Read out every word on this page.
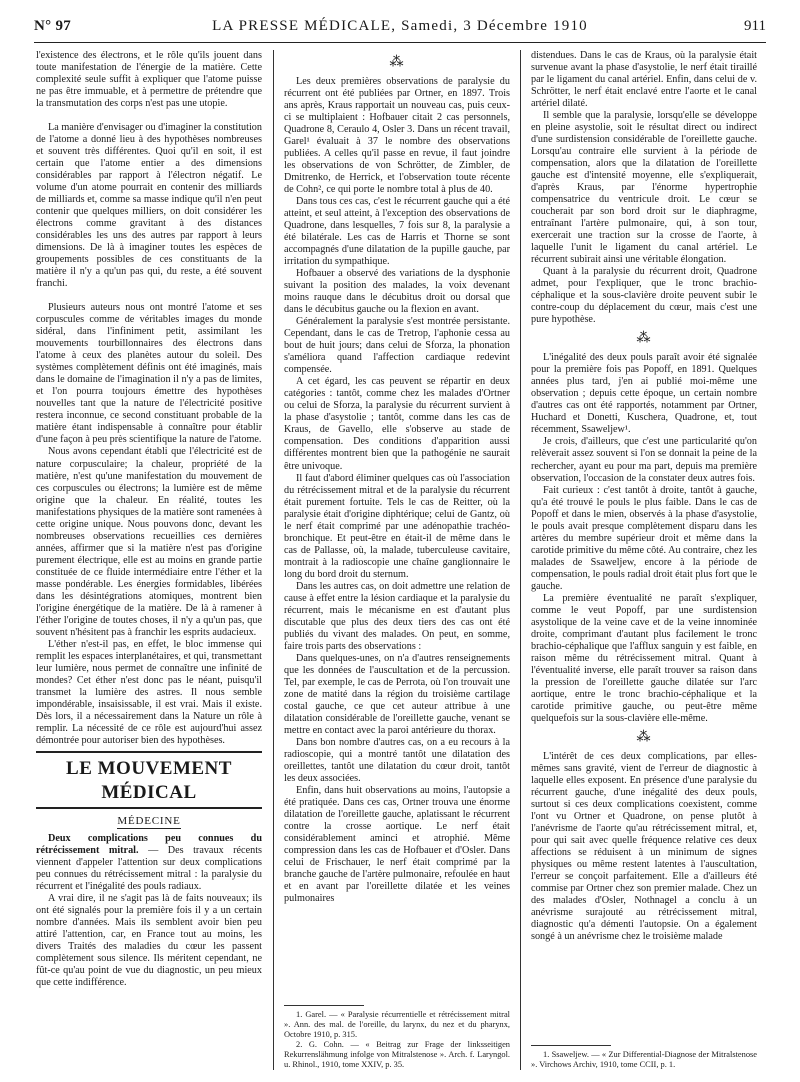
N° 97	LA PRESSE MÉDICALE, Samedi, 3 Décembre 1910	911

l'existence des électrons, et le rôle qu'ils jouent dans toute manifestation de l'énergie de la matière. Cette complexité seule suffit à expliquer que l'atome puisse ne pas être immuable, et à permettre de prétendre que la transmutation des corps n'est pas une utopie.

La manière d'envisager ou d'imaginer la constitution de l'atome a donné lieu à des hypothèses nombreuses et souvent très différentes. Quoi qu'il en soit, il est certain que l'atome entier a des dimensions considérables par rapport à l'électron négatif. Le volume d'un atome pourrait en contenir des milliards de milliards et, comme sa masse indique qu'il n'en peut contenir que quelques milliers, on doit considérer les électrons comme gravitant à des distances considérables les uns des autres par rapport à leurs dimensions. De là à imaginer toutes les espèces de groupements possibles de ces constituants de la matière il n'y a qu'un pas qui, du reste, a été souvent franchi.

Plusieurs auteurs nous ont montré l'atome et ses corpuscules comme de véritables images du monde sidéral, dans l'infiniment petit, assimilant les mouvements tourbillonnaires des électrons dans l'atome à ceux des planètes autour du soleil. Des systèmes complètement définis ont été imaginés, mais dans le domaine de l'imagination il n'y a pas de limites, et l'on pourra toujours émettre des hypothèses nouvelles tant que la nature de l'électricité positive restera inconnue, ce second constituant probable de la matière étant indispensable à connaître pour établir d'une façon à peu près scientifique la nature de l'atome.

Nous avons cependant établi que l'électricité est de nature corpusculaire; la chaleur, propriété de la matière, n'est qu'une manifestation du mouvement de ces corpuscules ou électrons; la lumière est de même origine que la chaleur. En réalité, toutes les manifestations physiques de la matière sont ramenées à cette origine unique. Nous pouvons donc, devant les nombreuses observations recueillies ces dernières années, affirmer que si la matière n'est pas d'origine purement électrique, elle est au moins en grande partie constituée de ce fluide intermédiaire entre l'éther et la masse pondérable. Les énergies formidables, libérées dans les désintégrations atomiques, montrent bien l'origine énergétique de la matière. De là à ramener à l'éther l'origine de toutes choses, il n'y a qu'un pas, que souvent n'hésitent pas à franchir les esprits audacieux.

L'éther n'est-il pas, en effet, le bloc immense qui remplit les espaces interplanétaires, et qui, transmettant leur lumière, nous permet de connaître une infinité de mondes? Cet éther n'est donc pas le néant, puisqu'il transmet la lumière des astres. Il nous semble impondérable, insaisissable, il est vrai. Mais il existe. Dès lors, il a nécessairement dans la Nature un rôle à remplir. La nécessité de ce rôle est aujourd'hui assez démontrée pour autoriser bien des hypothèses.

LE MOUVEMENT MÉDICAL
MÉDECINE

Deux complications peu connues du rétrécissement mitral. — Des travaux récents viennent d'appeler l'attention sur deux complications peu connues du rétrécissement mitral : la paralysie du récurrent et l'inégalité des pouls radiaux.

A vrai dire, il ne s'agit pas là de faits nouveaux; ils ont été signalés pour la première fois il y a un certain nombre d'années. Mais ils semblent avoir bien peu attiré l'attention, car, en France tout au moins, les divers Traités des maladies du cœur les passent complètement sous silence. Ils méritent cependant, ne fût-ce qu'au point de vue du diagnostic, un peu mieux que cette indifférence.

⁂

Les deux premières observations de paralysie du récurrent ont été publiées par Ortner, en 1897. Trois ans après, Kraus rapportait un nouveau cas, puis ceux-ci se multiplaient : Hofbauer citait 2 cas personnels, Quadrone 8, Ceraulo 4, Osler 3. Dans un récent travail, Garel¹ évaluait à 37 le nombre des observations publiées. A celles qu'il passe en revue, il faut joindre les observations de von Schrötter, de Zimbler, de Dmitrenko, de Herrick, et l'observation toute récente de Cohn², ce qui porte le nombre total à plus de 40.

Dans tous ces cas, c'est le récurrent gauche qui a été atteint, et seul atteint, à l'exception des observations de Quadrone, dans lesquelles, 7 fois sur 8, la paralysie a été bilatérale. Les cas de Harris et Thorne se sont accompagnés d'une dilatation de la pupille gauche, par irritation du sympathique.

Hofbauer a observé des variations de la dysphonie suivant la position des malades, la voix devenant moins rauque dans le décubitus droit ou dorsal que dans le décubitus gauche ou la flexion en avant.

Généralement la paralysie s'est montrée persistante. Cependant, dans le cas de Tretrop, l'aphonie cessa au bout de huit jours; dans celui de Sforza, la phonation s'améliora quand l'affection cardiaque redevint compensée.

A cet égard, les cas peuvent se répartir en deux catégories : tantôt, comme chez les malades d'Ortner ou celui de Sforza, la paralysie du récurrent survient à la phase d'asystolie ; tantôt, comme dans les cas de Kraus, de Gavello, elle s'observe au stade de compensation. Des conditions d'apparition aussi différentes montrent bien que la pathogénie ne saurait être univoque.

Il faut d'abord éliminer quelques cas où l'association du rétrécissement mitral et de la paralysie du récurrent était purement fortuite. Tels le cas de Reitter, où la paralysie était d'origine diphtérique; celui de Gantz, où le nerf était comprimé par une adénopathie trachéo-bronchique. Et peut-être en était-il de même dans le cas de Pallasse, où, la malade, tuberculeuse cavitaire, montrait à la radioscopie une chaîne ganglionnaire le long du bord droit du sternum.

Dans les autres cas, on doit admettre une relation de cause à effet entre la lésion cardiaque et la paralysie du récurrent, mais le mécanisme en est d'autant plus discutable que plus des deux tiers des cas ont été publiés du vivant des malades. On peut, en somme, faire trois parts des observations :

Dans quelques-unes, on n'a d'autres renseignements que les données de l'auscultation et de la percussion. Tel, par exemple, le cas de Perrota, où l'on trouvait une zone de matité dans la région du troisième cartilage costal gauche, ce que cet auteur attribue à une dilatation considérable de l'oreillette gauche, venant se mettre en contact avec la paroi antérieure du thorax.

Dans bon nombre d'autres cas, on a eu recours à la radioscopie, qui a montré tantôt une dilatation des oreillettes, tantôt une dilatation du cœur droit, tantôt les deux associées.

Enfin, dans huit observations au moins, l'autopsie a été pratiquée. Dans ces cas, Ortner trouva une énorme dilatation de l'oreillette gauche, aplatissant le récurrent contre la crosse aortique. Le nerf était considérablement aminci et atrophié. Même compression dans les cas de Hofbauer et d'Osler. Dans celui de Frischauer, le nerf était comprimé par la branche gauche de l'artère pulmonaire, refoulée en haut et en avant par l'oreillette dilatée et les veines pulmonaires

1. Garel. — « Paralysie récurrentielle et rétrécissement mitral ». Ann. des mal. de l'oreille, du larynx, du nez et du pharynx, Octobre 1910, p. 315.

2. G. Cohn. — « Beitrag zur Frage der linksseitigen Rekurrenslähmung infolge von Mitralstenose ». Arch. f. Laryngol. u. Rhinol., 1910, tome XXIV, p. 35.

distendues. Dans le cas de Kraus, où la paralysie était survenue avant la phase d'asystolie, le nerf était tiraillé par le ligament du canal artériel. Enfin, dans celui de v. Schrötter, le nerf était enclavé entre l'aorte et le canal artériel dilaté.

Il semble que la paralysie, lorsqu'elle se développe en pleine asystolie, soit le résultat direct ou indirect d'une surdistension considérable de l'oreillette gauche. Lorsqu'au contraire elle survient à la période de compensation, alors que la dilatation de l'oreillette gauche est d'intensité moyenne, elle s'expliquerait, d'après Kraus, par l'énorme hypertrophie compensatrice du ventricule droit. Le cœur se coucherait par son bord droit sur le diaphragme, entraînant l'artère pulmonaire, qui, à son tour, exercerait une traction sur la crosse de l'aorte, à laquelle l'unit le ligament du canal artériel. Le récurrent subirait ainsi une véritable élongation.

Quant à la paralysie du récurrent droit, Quadrone admet, pour l'expliquer, que le tronc brachio-céphalique et la sous-clavière droite peuvent subir le contre-coup du déplacement du cœur, mais c'est une pure hypothèse.

⁂

L'inégalité des deux pouls paraît avoir été signalée pour la première fois pas Popoff, en 1891. Quelques années plus tard, j'en ai publié moi-même une observation ; depuis cette époque, un certain nombre d'autres cas ont été rapportés, notamment par Ortner, Huchard et Donetti, Kuschera, Quadrone, et, tout récemment, Ssaweljew¹.

Je crois, d'ailleurs, que c'est une particularité qu'on relèverait assez souvent si l'on se donnait la peine de la rechercher, ayant eu pour ma part, depuis ma première observation, l'occasion de la constater deux autres fois.

Fait curieux : c'est tantôt à droite, tantôt à gauche, qu'a été trouvé le pouls le plus faible. Dans le cas de Popoff et dans le mien, observés à la phase d'asystolie, le pouls avait presque complètement disparu dans les artères du membre supérieur droit et même dans la carotide primitive du même côté. Au contraire, chez les malades de Ssaweljew, encore à la période de compensation, le pouls radial droit était plus fort que le gauche.

La première éventualité ne paraît s'expliquer, comme le veut Popoff, par une surdistension asystolique de la veine cave et de la veine innominée droite, comprimant d'autant plus facilement le tronc brachio-céphalique que l'afflux sanguin y est faible, en raison même du rétrécissement mitral. Quant à l'éventualité inverse, elle paraît trouver sa raison dans la pression de l'oreillette gauche dilatée sur l'arc aortique, entre le tronc brachio-céphalique et la carotide primitive gauche, ou peut-être même quelquefois sur la sous-clavière elle-même.

⁂

L'intérêt de ces deux complications, par elles-mêmes sans gravité, vient de l'erreur de diagnostic à laquelle elles exposent. En présence d'une paralysie du récurrent gauche, d'une inégalité des deux pouls, surtout si ces deux complications coexistent, comme l'ont vu Ortner et Quadrone, on pense plutôt à l'anévrisme de l'aorte qu'au rétrécissement mitral, et, pour qui sait avec quelle fréquence relative ces deux affections se réduisent à un minimum de signes physiques ou même restent latentes à l'auscultation, l'erreur se conçoit parfaitement. Elle a d'ailleurs été commise par Ortner chez son premier malade. Chez un des malades d'Osler, Nothnagel a conclu à un anévrisme surajouté au rétrécissement mitral, diagnostic qu'a démenti l'autopsie. On a également songé à un anévrisme chez le troisième malade

1. Ssaweljew. — « Zur Differential-Diagnose der Mitralstenose ». Virchows Archiv, 1910, tome CCII, p. 1.
